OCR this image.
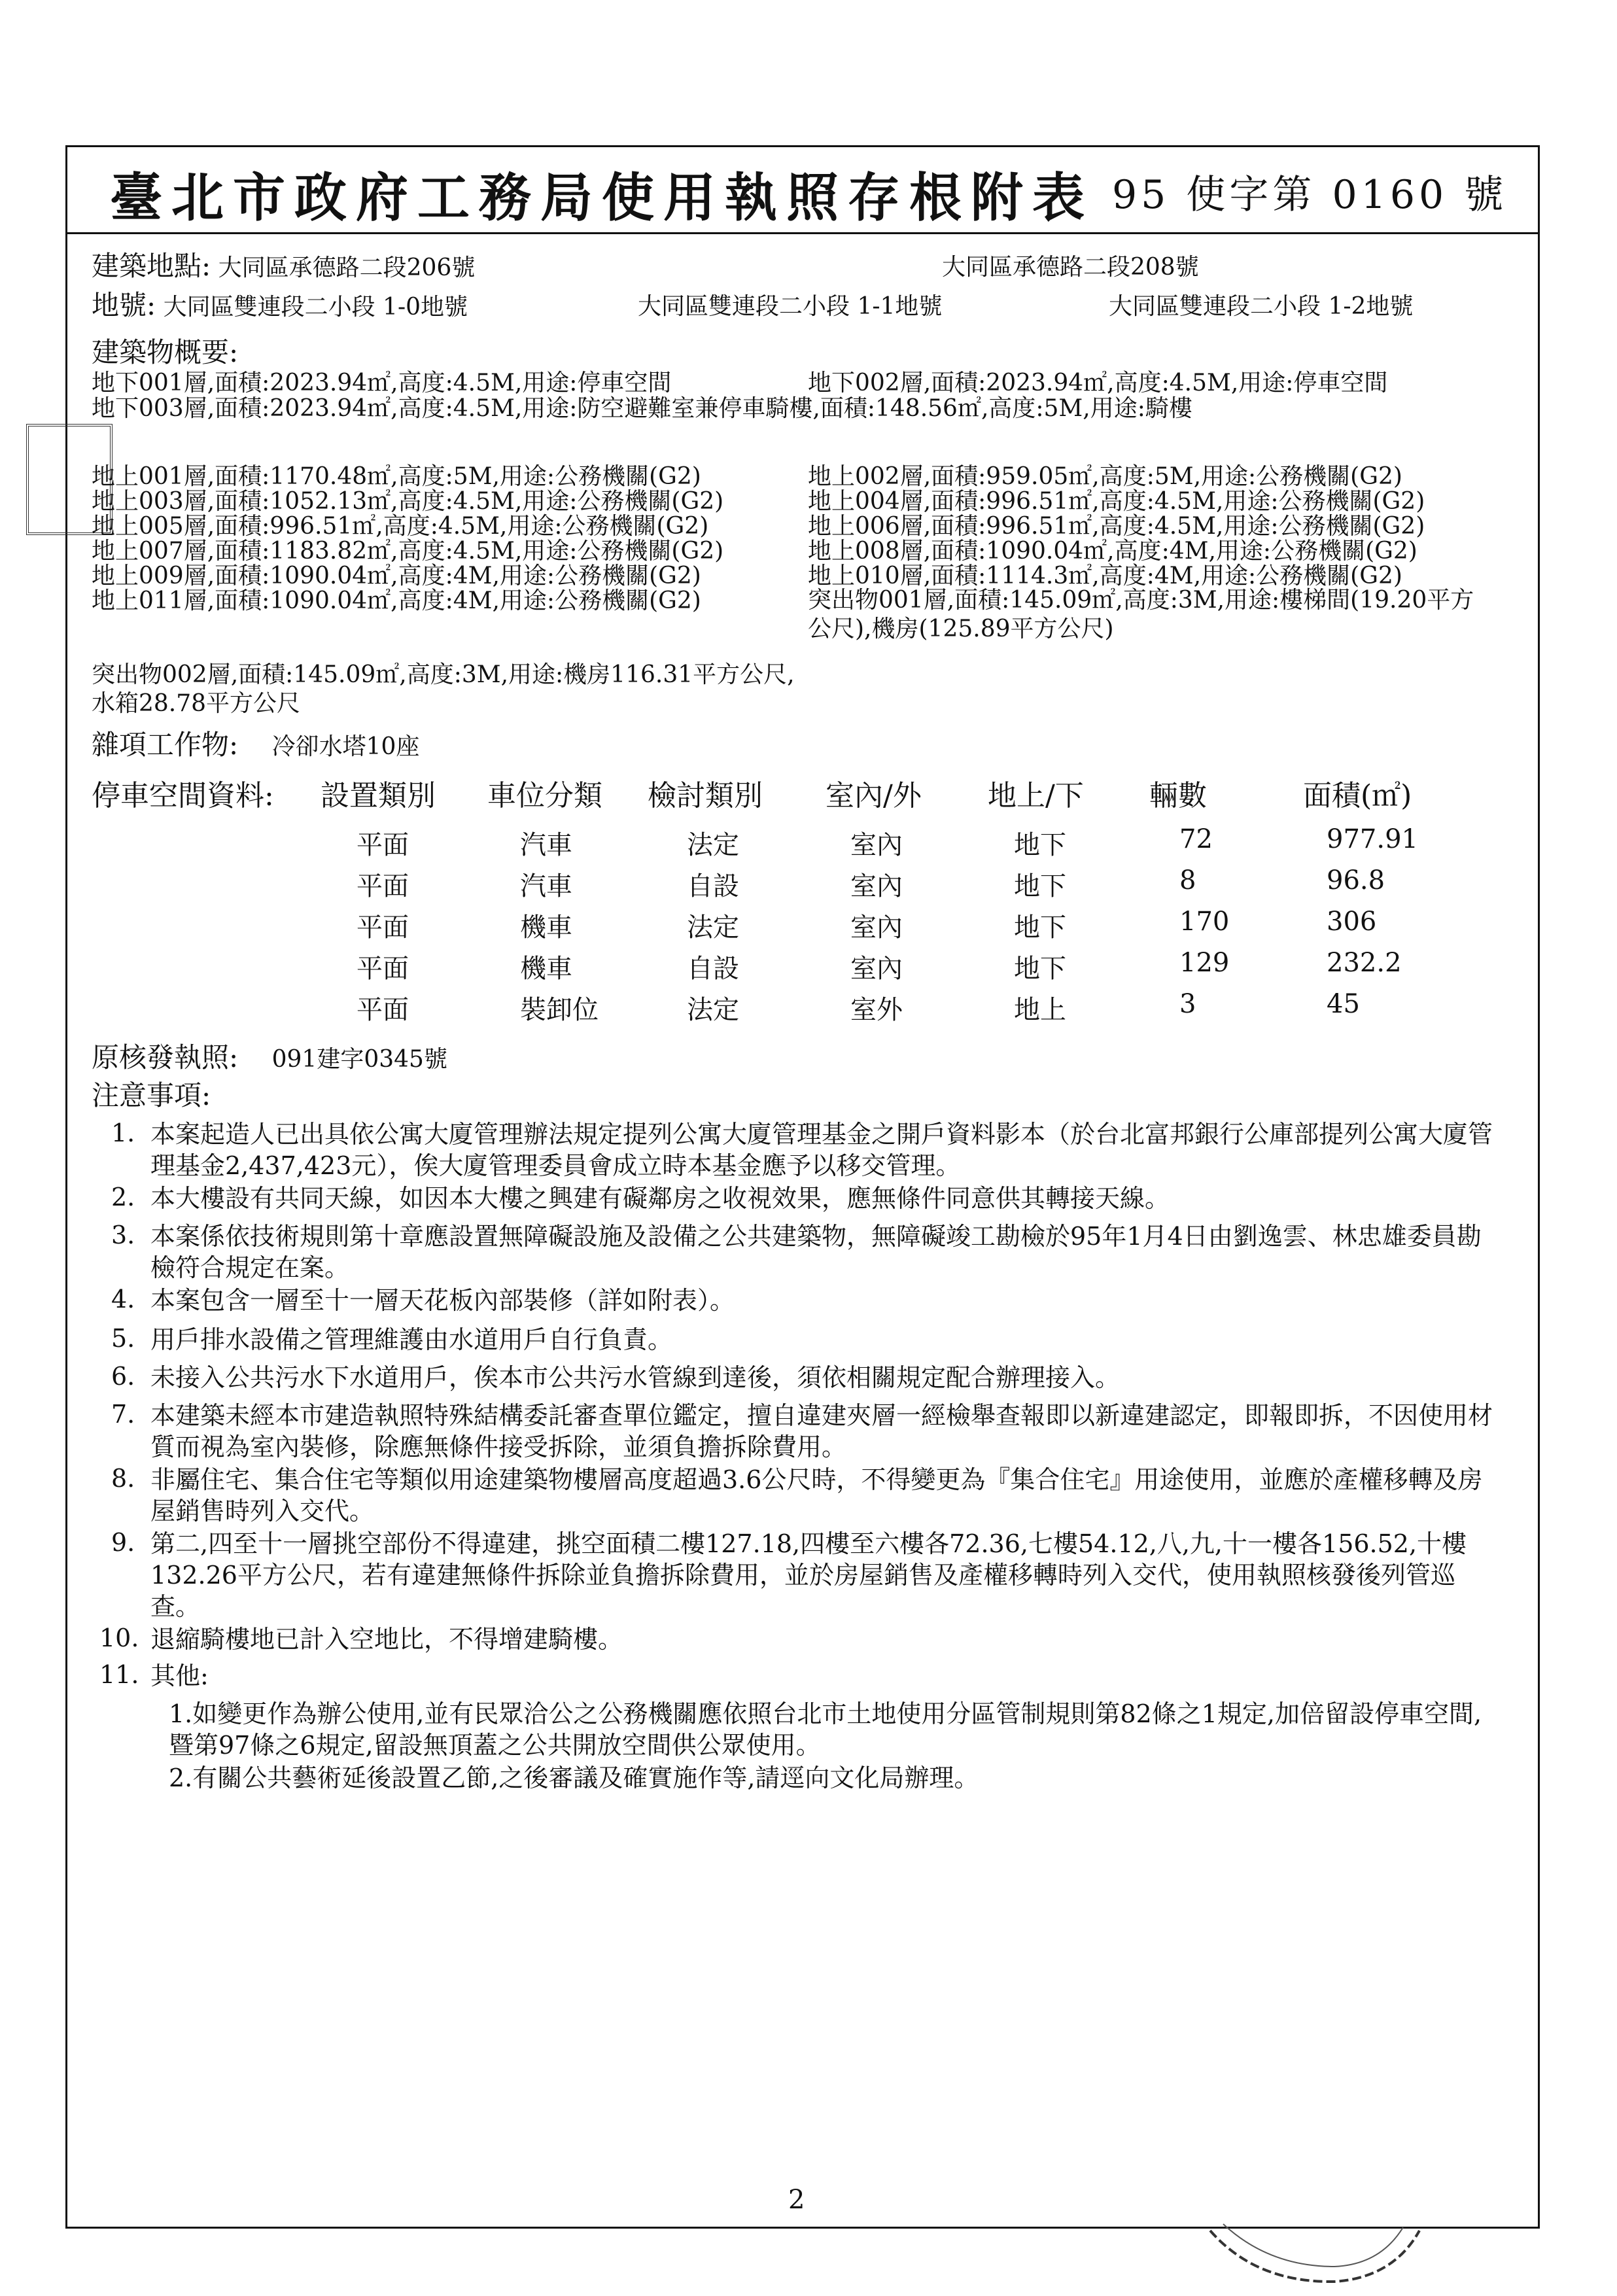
臺北市政府工務局使用執照存根附表 95 使字第 0160 號
建築地點: 大同區承德路二段206號	大同區承德路二段208號
地號: 大同區雙連段二小段 1-0地號	大同區雙連段二小段 1-1地號	大同區雙連段二小段 1-2地號
建築物概要:
地下001層,面積:2023.94㎡,高度:4.5M,用途:停車空間	地下002層,面積:2023.94㎡,高度:4.5M,用途:停車空間
地下003層,面積:2023.94㎡,高度:4.5M,用途:防空避難室兼停車騎樓,面積:148.56㎡,高度:5M,用途:騎樓
地上001層,面積:1170.48㎡,高度:5M,用途:公務機關(G2)	地上002層,面積:959.05㎡,高度:5M,用途:公務機關(G2)
地上003層,面積:1052.13㎡,高度:4.5M,用途:公務機關(G2)	地上004層,面積:996.51㎡,高度:4.5M,用途:公務機關(G2)
地上005層,面積:996.51㎡,高度:4.5M,用途:公務機關(G2)	地上006層,面積:996.51㎡,高度:4.5M,用途:公務機關(G2)
地上007層,面積:1183.82㎡,高度:4.5M,用途:公務機關(G2)	地上008層,面積:1090.04㎡,高度:4M,用途:公務機關(G2)
地上009層,面積:1090.04㎡,高度:4M,用途:公務機關(G2)	地上010層,面積:1114.3㎡,高度:4M,用途:公務機關(G2)
地上011層,面積:1090.04㎡,高度:4M,用途:公務機關(G2)	突出物001層,面積:145.09㎡,高度:3M,用途:樓梯間(19.20平方公尺),機房(125.89平方公尺)
突出物002層,面積:145.09㎡,高度:3M,用途:機房116.31平方公尺,水箱28.78平方公尺
雜項工作物: 冷卻水塔10座
停車空間資料: 設置類別 車位分類 檢討類別 室內/外 地上/下 輛數	面積(㎡)
平面	汽車	法定	室內	地下	72	977.91
平面	汽車	自設	室內	地下	8	96.8
平面	機車	法定	室內	地下	170	306
平面	機車	自設	室內	地下	129	232.2
平面	裝卸位	法定	室外	地上	3	45
原核發執照: 091建字0345號
注意事項:
1. 本案起造人已出具依公寓大廈管理辦法規定提列公寓大廈管理基金之開戶資料影本（於台北富邦銀行公庫部提列公寓大廈管理基金2,437,423元），俟大廈管理委員會成立時本基金應予以移交管理。
2. 本大樓設有共同天線，如因本大樓之興建有礙鄰房之收視效果，應無條件同意供其轉接天線。
3. 本案係依技術規則第十章應設置無障礙設施及設備之公共建築物，無障礙竣工勘檢於95年1月4日由劉逸雲、林忠雄委員勘檢符合規定在案。
4. 本案包含一層至十一層天花板內部裝修（詳如附表）。
5. 用戶排水設備之管理維護由水道用戶自行負責。
6. 未接入公共污水下水道用戶，俟本市公共污水管線到達後，須依相關規定配合辦理接入。
7. 本建築未經本市建造執照特殊結構委託審查單位鑑定，擅自違建夾層一經檢舉查報即以新違建認定，即報即拆，不因使用材質而視為室內裝修，除應無條件接受拆除，並須負擔拆除費用。
8. 非屬住宅、集合住宅等類似用途建築物樓層高度超過3.6公尺時，不得變更為『集合住宅』用途使用，並應於產權移轉及房屋銷售時列入交代。
9. 第二,四至十一層挑空部份不得違建，挑空面積二樓127.18,四樓至六樓各72.36,七樓54.12,八,九,十一樓各156.52,十樓132.26平方公尺，若有違建無條件拆除並負擔拆除費用，並於房屋銷售及產權移轉時列入交代，使用執照核發後列管巡查。
10. 退縮騎樓地已計入空地比，不得增建騎樓。
11. 其他:
1.如變更作為辦公使用,並有民眾洽公之公務機關應依照台北市土地使用分區管制規則第82條之1規定,加倍留設停車空間,暨第97條之6規定,留設無頂蓋之公共開放空間供公眾使用。
2.有關公共藝術延後設置乙節,之後審議及確實施作等,請逕向文化局辦理。
2
